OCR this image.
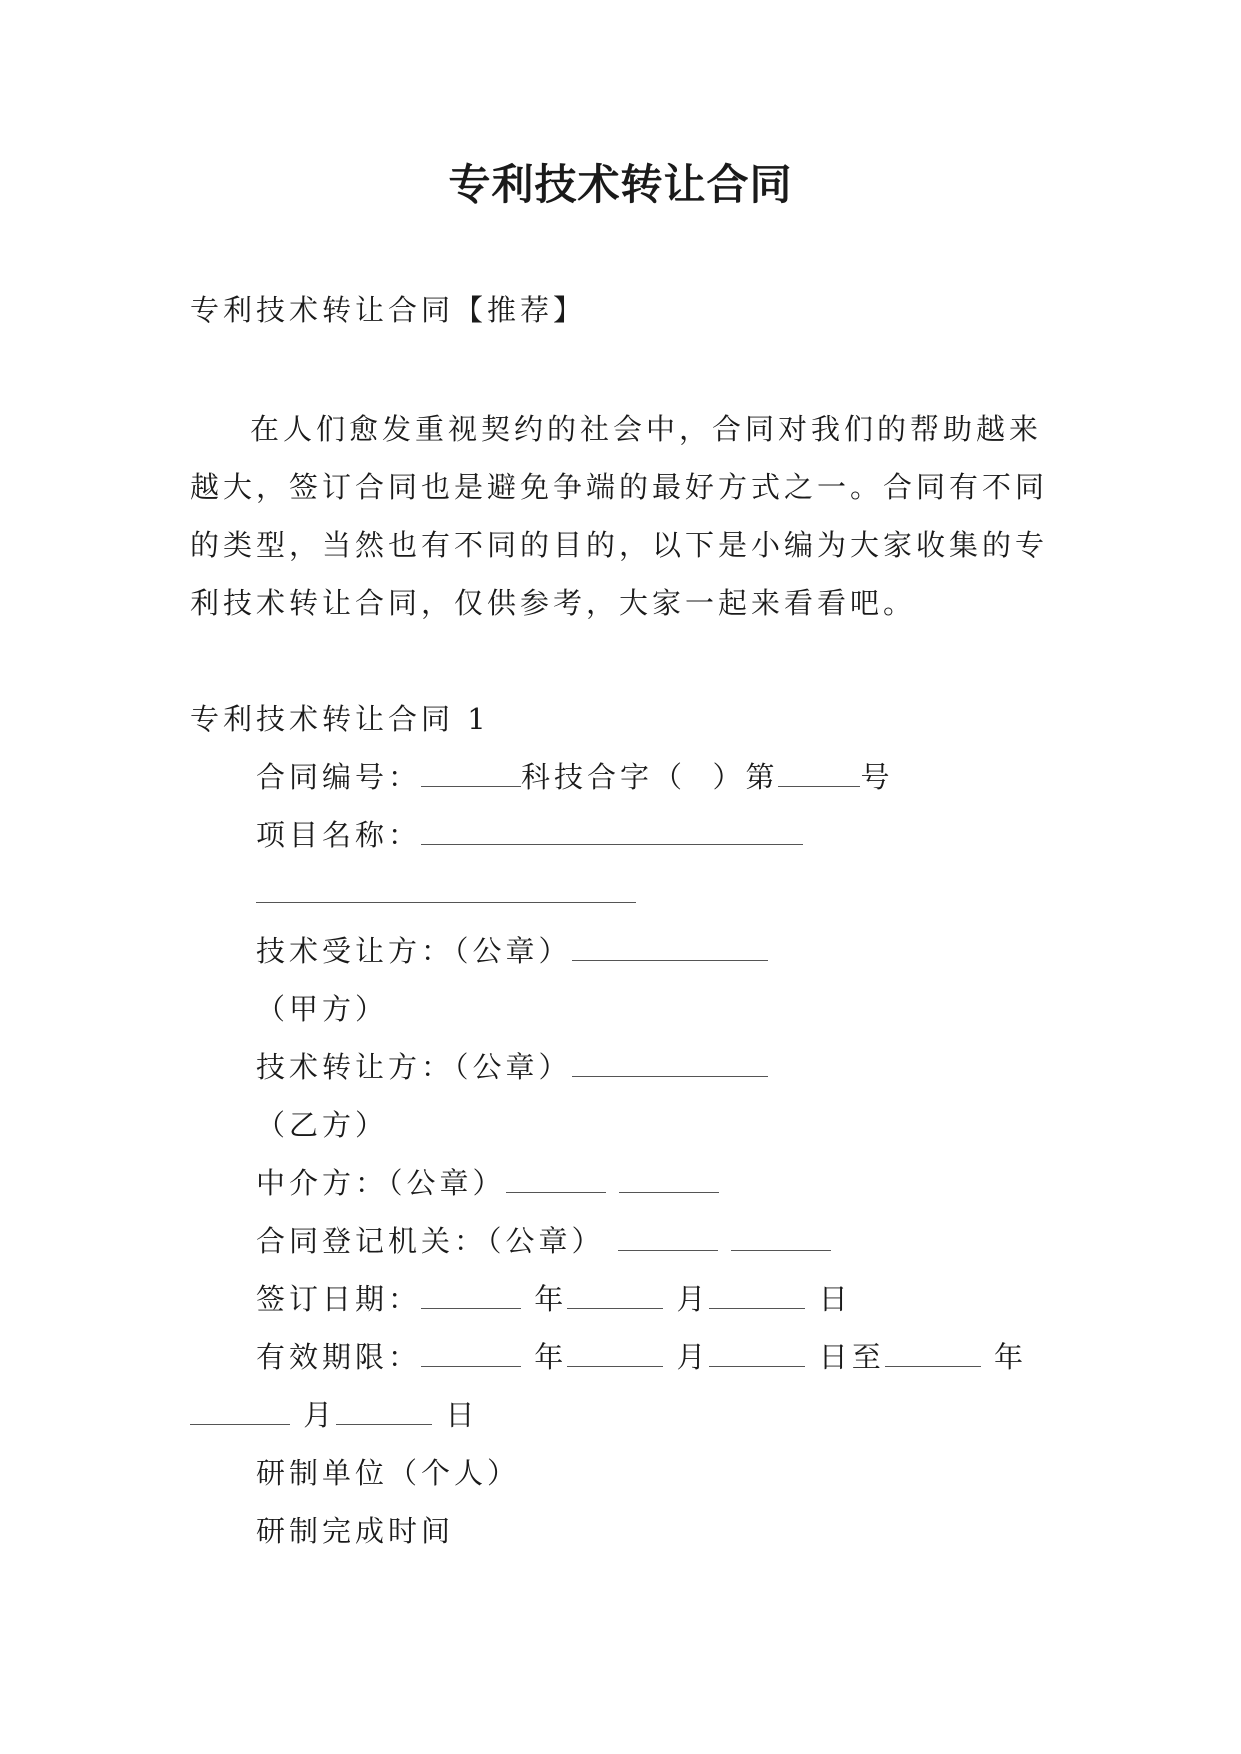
专利技术转让合同
专利技术转让合同【推荐】
在人们愈发重视契约的社会中，合同对我们的帮助越来
越大，签订合同也是避免争端的最好方式之一。合同有不同
的类型，当然也有不同的目的，以下是小编为大家收集的专
利技术转让合同，仅供参考，大家一起来看看吧。
专利技术转让合同 1
合同编号：	科技合字（  ）第	号
项目名称：
技术受让方：（公章）
（甲方）
技术转让方：（公章）
（乙方）
中介方：（公章）
合同登记机关：（公章）
签订日期：	年	月	日
有效期限：	年	月	日至	年
月	日
研制单位（个人）
研制完成时间
